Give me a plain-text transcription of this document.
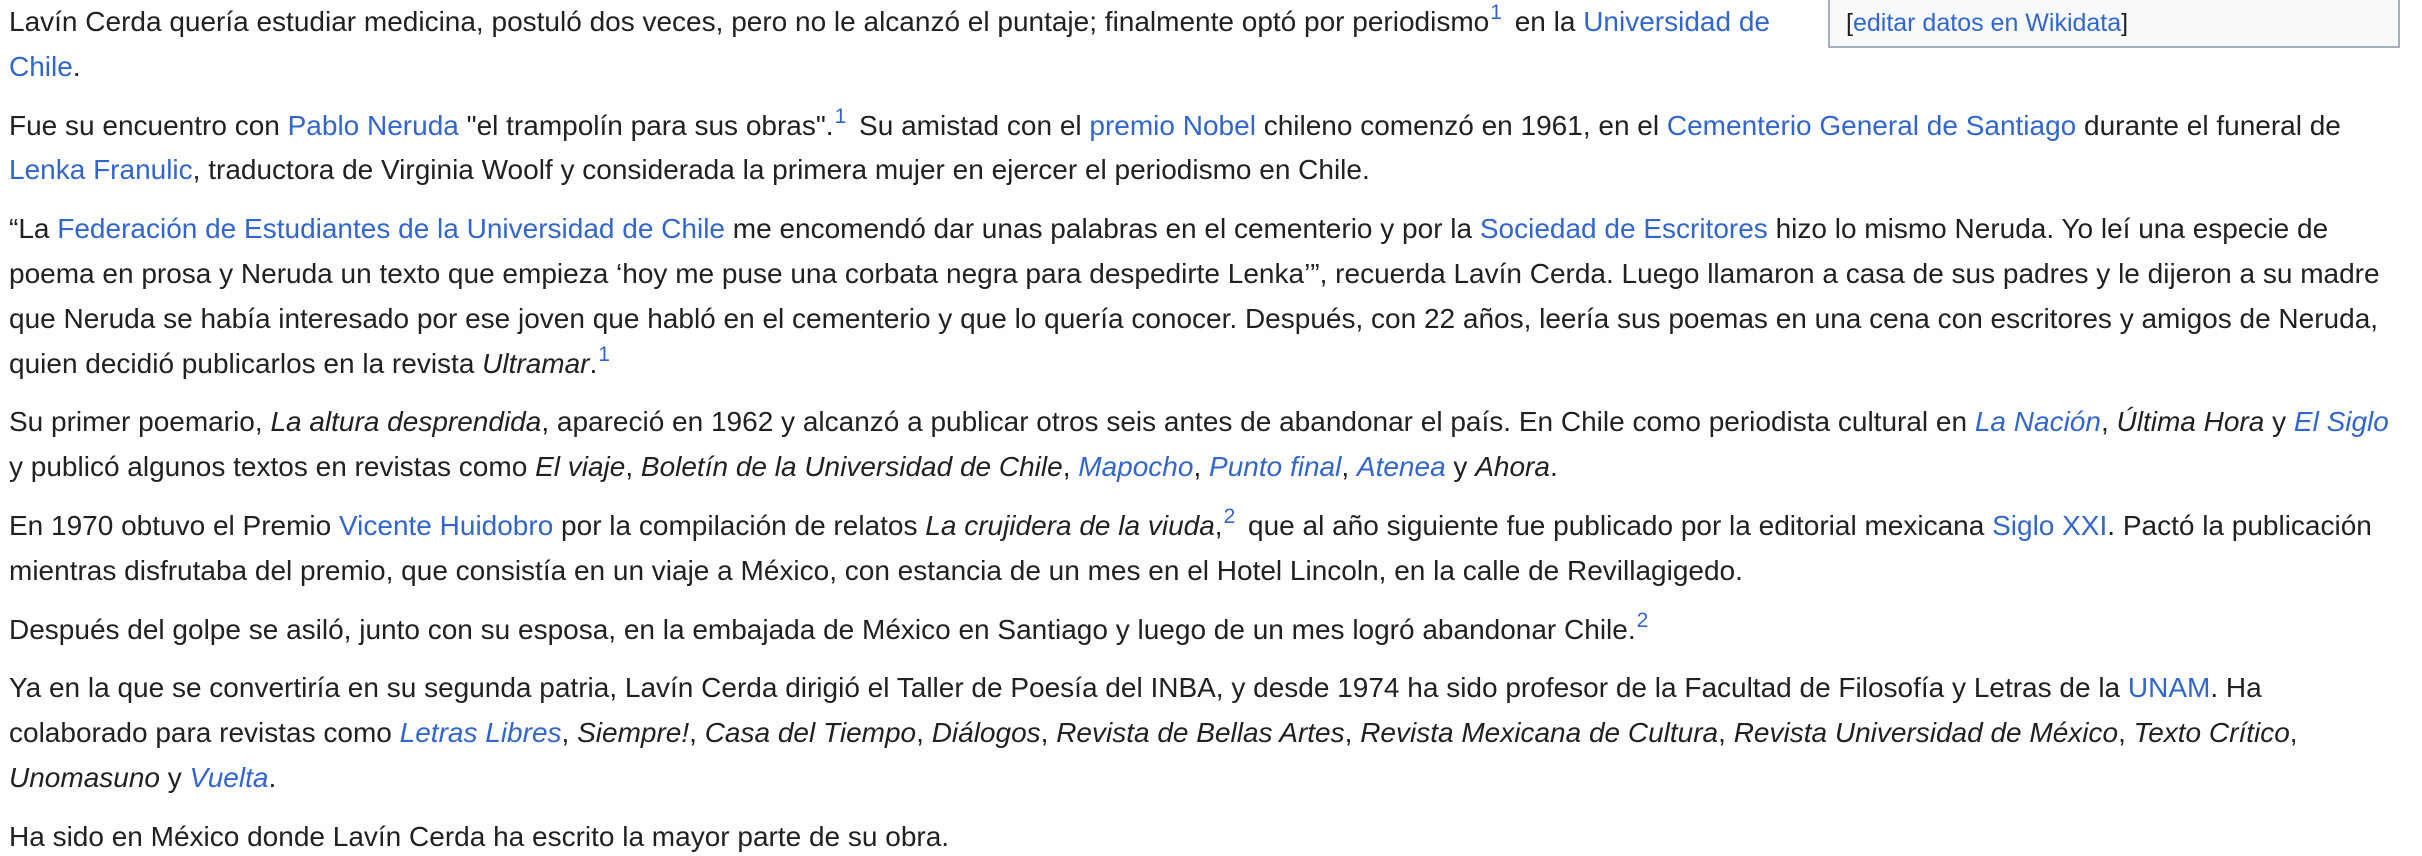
[editar datos en Wikidata]

Lavín Cerda quería estudiar medicina, postuló dos veces, pero no le alcanzó el puntaje; finalmente optó por periodismo$^1$ en la Universidad de Chile.

Fue su encuentro con Pablo Neruda "el trampolín para sus obras".$^1$ Su amistad con el premio Nobel chileno comenzó en 1961, en el Cementerio General de Santiago durante el funeral de Lenka Franulic, traductora de Virginia Woolf y considerada la primera mujer en ejercer el periodismo en Chile.

“La Federación de Estudiantes de la Universidad de Chile me encomendó dar unas palabras en el cementerio y por la Sociedad de Escritores hizo lo mismo Neruda. Yo leí una especie de poema en prosa y Neruda un texto que empieza ‘hoy me puse una corbata negra para despedirte Lenka’”, recuerda Lavín Cerda. Luego llamaron a casa de sus padres y le dijeron a su madre que Neruda se había interesado por ese joven que habló en el cementerio y que lo quería conocer. Después, con 22 años, leería sus poemas en una cena con escritores y amigos de Neruda, quien decidió publicarlos en la revista Ultramar.$^1$

Su primer poemario, La altura desprendida, apareció en 1962 y alcanzó a publicar otros seis antes de abandonar el país. En Chile como periodista cultural en La Nación, Última Hora y El Siglo y publicó algunos textos en revistas como El viaje, Boletín de la Universidad de Chile, Mapocho, Punto final, Atenea y Ahora.

En 1970 obtuvo el Premio Vicente Huidobro por la compilación de relatos La crujidera de la viuda,$^2$ que al año siguiente fue publicado por la editorial mexicana Siglo XXI. Pactó la publicación mientras disfrutaba del premio, que consistía en un viaje a México, con estancia de un mes en el Hotel Lincoln, en la calle de Revillagigedo.

Después del golpe se asiló, junto con su esposa, en la embajada de México en Santiago y luego de un mes logró abandonar Chile.$^2$

Ya en la que se convertiría en su segunda patria, Lavín Cerda dirigió el Taller de Poesía del INBA, y desde 1974 ha sido profesor de la Facultad de Filosofía y Letras de la UNAM. Ha colaborado para revistas como Letras Libres, Siempre!, Casa del Tiempo, Diálogos, Revista de Bellas Artes, Revista Mexicana de Cultura, Revista Universidad de México, Texto Crítico, Unomasuno y Vuelta.

Ha sido en México donde Lavín Cerda ha escrito la mayor parte de su obra.
